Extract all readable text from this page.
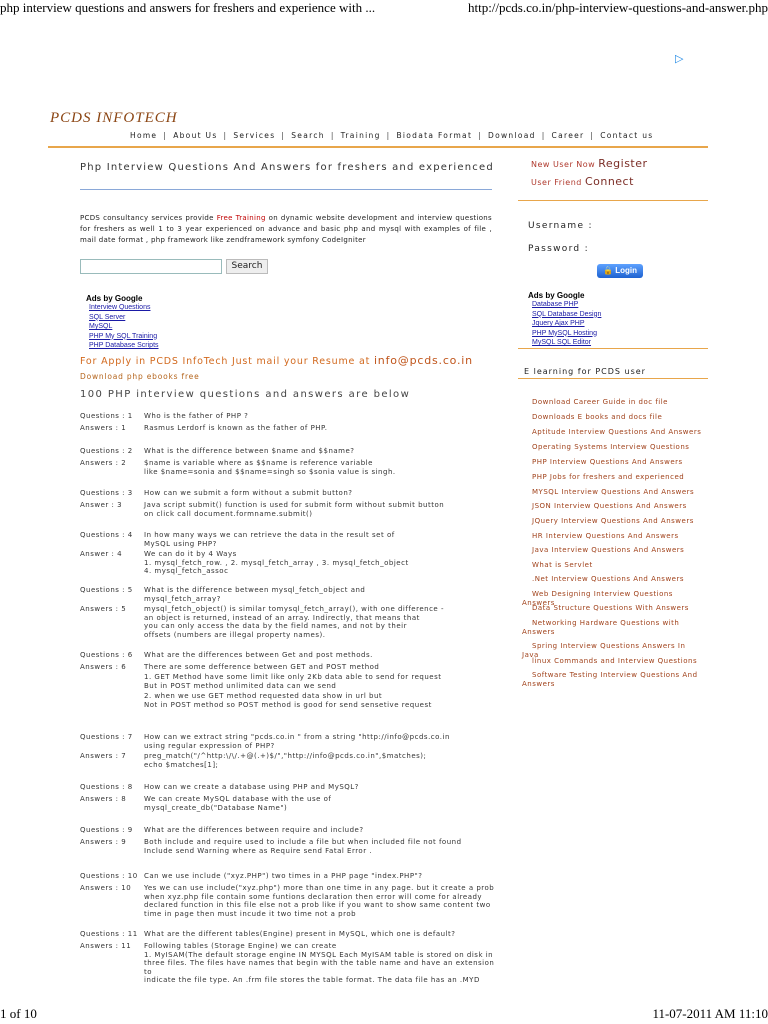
php interview questions and answers for freshers and experience with ...	http://pcds.co.in/php-interview-questions-and-answer.php
▷
PCDS INFOTECH
Home | About Us | Services | Search | Training | Biodata Format | Download | Career | Contact us
Php Interview Questions And Answers for freshers and experienced
PCDS consultancy services provide Free Training on dynamic website development and interview questions for freshers as well 1 to 3 year experienced on advance and basic php and mysql with examples of file , mail date format , php framework like zendframework symfony CodeIgniter
Search
Ads by Google
Interview Questions
SQL Server
MySQL
PHP My SQL Training
PHP Database Scripts
For Apply in PCDS InfoTech Just mail your Resume at info@pcds.co.in
Download php ebooks free
100 PHP interview questions and answers are below
Questions : 1 Who is the father of PHP ?
Answers : 1	Rasmus Lerdorf is known as the father of PHP.
Questions : 2 What is the difference between $name and $$name?
Answers : 2	$name is variable where as $$name is reference variable
like $name=sonia and $$name=singh so $sonia value is singh.
Questions : 3 How can we submit a form without a submit button?
Answer : 3	Java script submit() function is used for submit form without submit button
on click call document.formname.submit()
Questions : 4 In how many ways we can retrieve the data in the result set of
MySQL using PHP?
Answer : 4	We can do it by 4 Ways
1. mysql_fetch_row. , 2. mysql_fetch_array , 3. mysql_fetch_object
4. mysql_fetch_assoc
Questions : 5 What is the difference between mysql_fetch_object and
mysql_fetch_array?
Answers : 5	mysql_fetch_object() is similar tomysql_fetch_array(), with one difference -
an object is returned, instead of an array. Indirectly, that means that
you can only access the data by the field names, and not by their
offsets (numbers are illegal property names).
Questions : 6 What are the differences between Get and post methods.
Answers : 6	There are some defference between GET and POST method
1. GET Method have some limit like only 2Kb data able to send for request
But in POST method unlimited data can we send
2. when we use GET method requested data show in url but
Not in POST method so POST method is good for send sensetive request
Questions : 7 How can we extract string "pcds.co.in " from a string "http://info@pcds.co.in
using regular expression of PHP?
Answers : 7	preg_match("/^http:\/\/.+@(.+)$/","http://info@pcds.co.in",$matches);
echo $matches[1];
Questions : 8 How can we create a database using PHP and MySQL?
Answers : 8	We can create MySQL database with the use of
mysql_create_db("Database Name")
Questions : 9 What are the differences between require and include?
Answers : 9	Both include and require used to include a file but when included file not found
Include send Warning where as Require send Fatal Error .
Questions : 10 Can we use include ("xyz.PHP") two times in a PHP page "index.PHP"?
Answers : 10 Yes we can use include("xyz.php") more than one time in any page. but it create a prob
when xyz.php file contain some funtions declaration then error will come for already
declared function in this file else not a prob like if you want to show same content two
time in page then must incude it two time not a prob
Questions : 11 What are the different tables(Engine) present in MySQL, which one is default?
Answers : 11 Following tables (Storage Engine) we can create
1. MyISAM(The default storage engine IN MYSQL Each MyISAM table is stored on disk in
three files. The files have names that begin with the table name and have an extension to
indicate the file type. An .frm file stores the table format. The data file has an .MYD
New User Now Register
User Friend Connect
Username :
Password :
🔒 Login
Ads by Google
Database PHP
SQL Database Design
Jquery Ajax PHP
PHP MySQL Hosting
MySQL SQL Editor
E learning for PCDS user
Download Career Guide in doc file
Downloads E books and docs file
Aptitude Interview Questions And Answers
Operating Systems Interview Questions
PHP Interview Questions And Answers
PHP Jobs for freshers and experienced
MYSQL Interview Questions And Answers
JSON Interview Questions And Answers
JQuery Interview Questions And Answers
HR Interview Questions And Answers
Java Interview Questions And Answers
What is Servlet
.Net Interview Questions And Answers
Web Designing Interview Questions Answers
Data Structure Questions With Answers
Networking Hardware Questions with Answers
Spring Interview Questions Answers In Java
linux Commands and Interview Questions
Software Testing Interview Questions And Answers
1 of 10	11-07-2011 AM 11:10
